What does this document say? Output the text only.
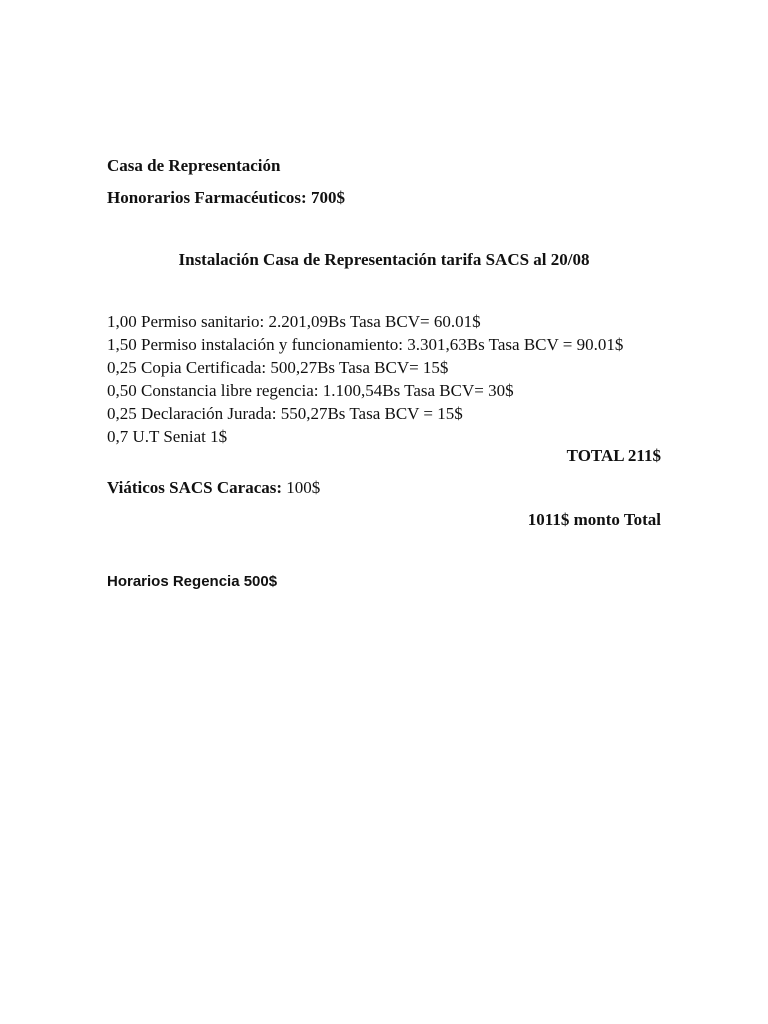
Casa de Representación
Honorarios Farmacéuticos: 700$
Instalación Casa de Representación tarifa SACS al 20/08
1,00 Permiso sanitario: 2.201,09Bs Tasa BCV= 60.01$
1,50 Permiso instalación y funcionamiento: 3.301,63Bs Tasa BCV = 90.01$
0,25 Copia Certificada: 500,27Bs Tasa BCV= 15$
0,50 Constancia libre regencia: 1.100,54Bs Tasa BCV= 30$
0,25 Declaración Jurada: 550,27Bs Tasa BCV = 15$
0,7 U.T Seniat 1$
TOTAL 211$
Viáticos SACS Caracas: 100$
1011$ monto Total
Horarios Regencia 500$
